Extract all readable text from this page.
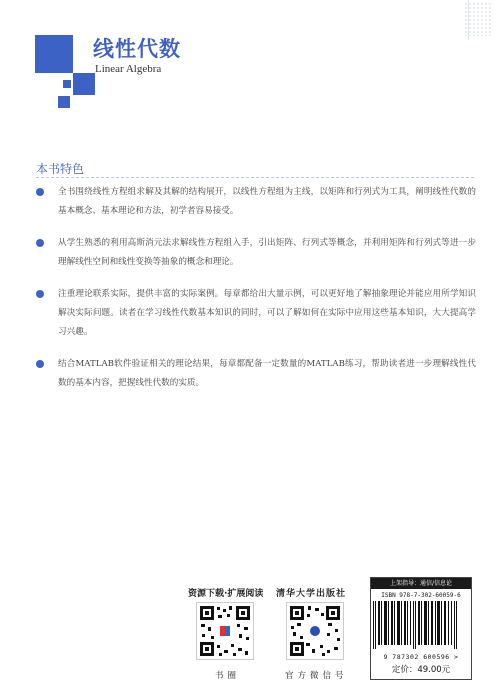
线性代数
Linear Algebra
本书特色
全书围绕线性方程组求解及其解的结构展开，以线性方程组为主线，以矩阵和行列式为工具，阐明线性代数的基本概念、基本理论和方法，初学者容易接受。
从学生熟悉的利用高斯消元法求解线性方程组入手，引出矩阵、行列式等概念，并利用矩阵和行列式等进一步理解线性空间和线性变换等抽象的概念和理论。
注重理论联系实际，提供丰富的实际案例。每章都给出大量示例，可以更好地了解抽象理论并能应用所学知识解决实际问题。读者在学习线性代数基本知识的同时，可以了解如何在实际中应用这些基本知识，大大提高学习兴趣。
结合MATLAB软件验证相关的理论结果，每章都配备一定数量的MATLAB练习，帮助读者进一步理解线性代数的基本内容，把握线性代数的实质。
资源下载·扩展阅读 清华大学出版社
书圈	官方微信号
上架指导：通信/信息论
ISBN 978-7-302-60059-6
9 787302 600596 >
定价：49.00元
